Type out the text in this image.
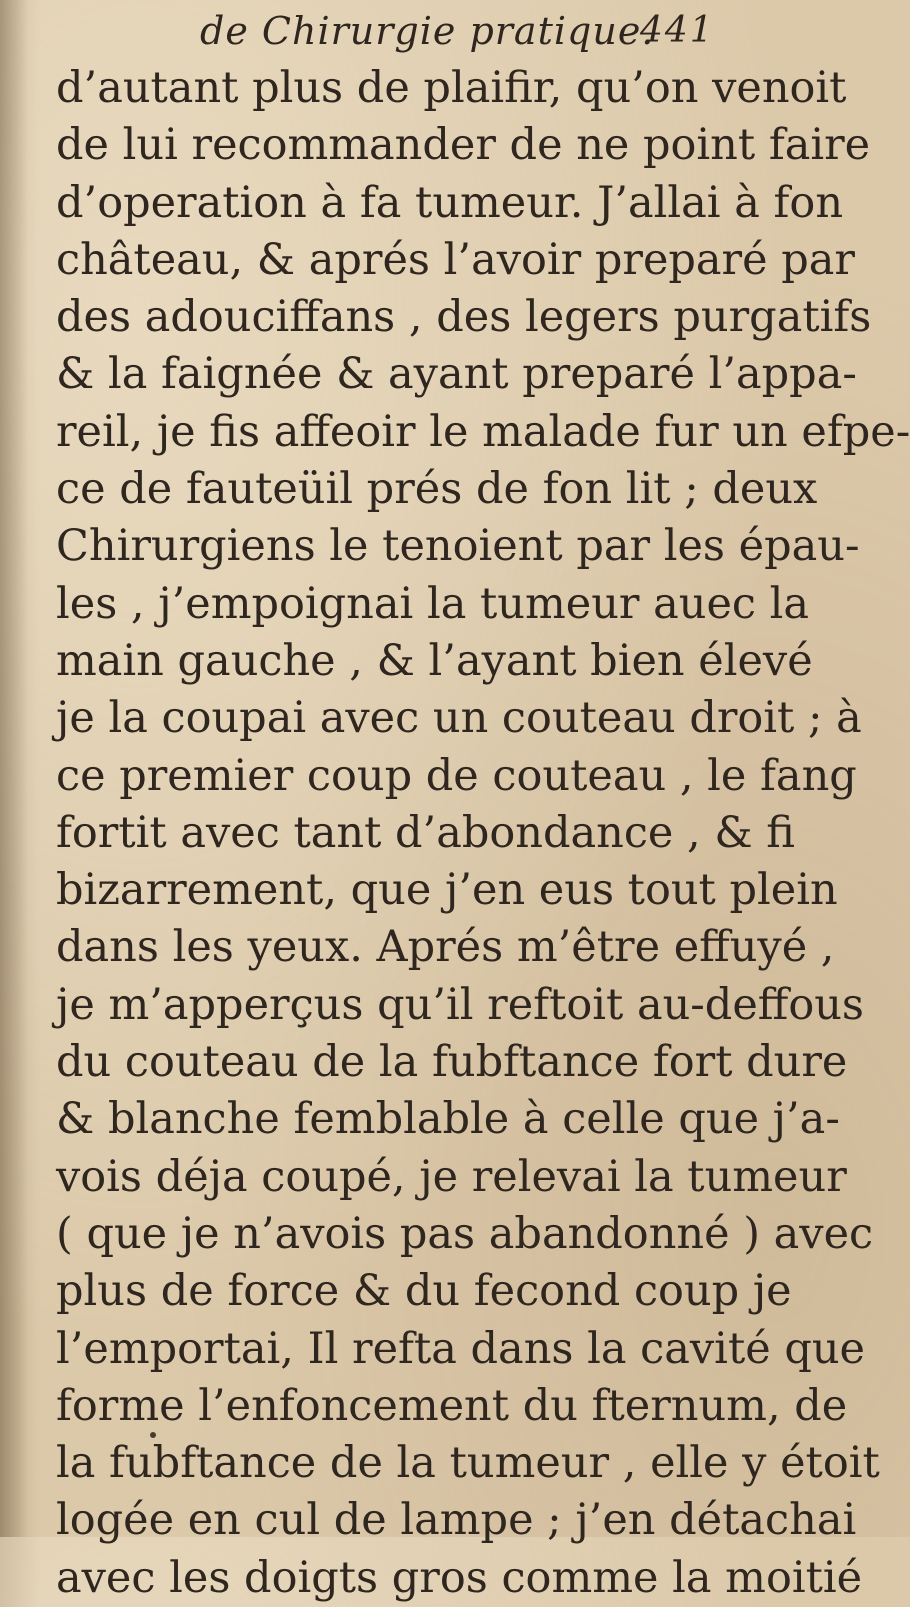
de Chirurgie pratique.
441
d’autant plus de plaifir, qu’on venoit
de lui recommander de ne point faire
d’operation à fa tumeur. J’allai à fon
château, & aprés l’avoir preparé par
des adouciffans , des legers purgatifs
& la faignée & ayant preparé l’appa-
reil, je fis affeoir le malade fur un efpe-
ce de fauteüil prés de fon lit ; deux
Chirurgiens le tenoient par les épau-
les , j’empoignai la tumeur auec la
main gauche , & l’ayant bien élevé
je la coupai avec un couteau droit ; à
ce premier coup de couteau , le fang
fortit avec tant d’abondance , & fi
bizarrement, que j’en eus tout plein
dans les yeux. Aprés m’être effuyé ,
je m’apperçus qu’il reftoit au-deffous
du couteau de la fubftance fort dure
& blanche femblable à celle que j’a-
vois déja coupé, je relevai la tumeur
( que je n’avois pas abandonné ) avec
plus de force & du fecond coup je
l’emportai, Il refta dans la cavité que
forme l’enfoncement du fternum, de
la fubftance de la tumeur , elle y étoit
logée en cul de lampe ; j’en détachai
avec les doigts gros comme la moitié
